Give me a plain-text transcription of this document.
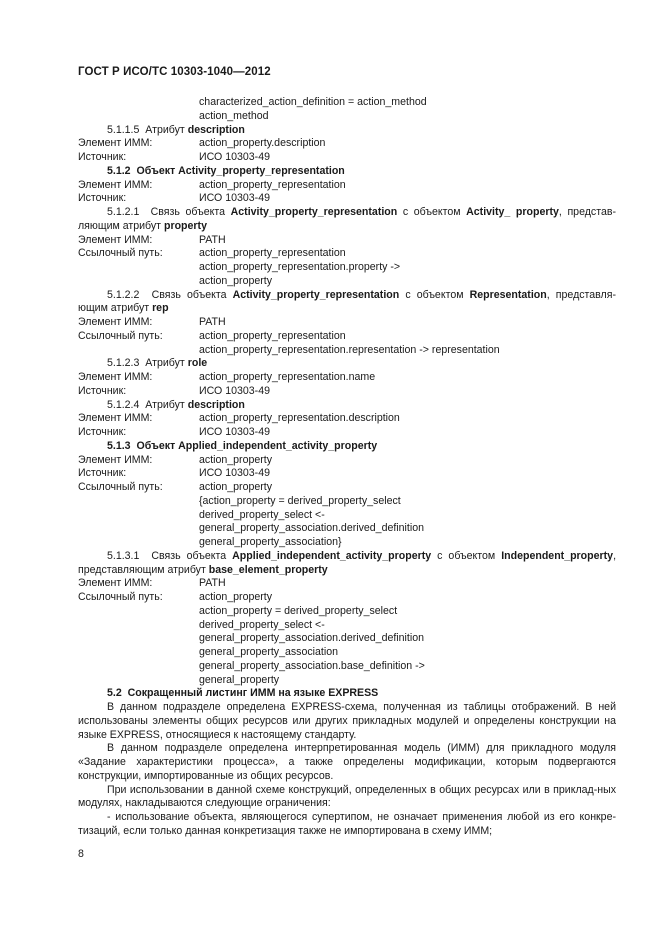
ГОСТ Р ИСО/ТС 10303-1040—2012
characterized_action_definition = action_method
action_method
5.1.1.5 Атрибут description
Элемент ИММ:	action_property.description
Источник:	ИСО 10303-49
5.1.2 Объект Activity_property_representation
Элемент ИММ:	action_property_representation
Источник:	ИСО 10303-49

5.1.2.1 Связь объекта Activity_property_representation с объектом Activity_ property, представ- ляющим атрибут property

Элемент ИММ:	PATH
Ссылочный путь:	action_property_representation
action_property_representation.property ->
action_property

5.1.2.2 Связь объекта Activity_property_representation с объектом Representation, представля- ющим атрибут rep

Элемент ИММ:	PATH
Ссылочный путь:	action_property_representation
action_property_representation.representation -> representation
5.1.2.3 Атрибут role
Элемент ИММ:	action_property_representation.name
Источник:	ИСО 10303-49
5.1.2.4 Атрибут description
Элемент ИММ:	action_property_representation.description
Источник:	ИСО 10303-49
5.1.3 Объект Applied_independent_activity_property
Элемент ИММ:	action_property
Источник:	ИСО 10303-49
Ссылочный путь:	action_property
{action_property = derived_property_select
derived_property_select <-
general_property_association.derived_definition
general_property_association}

5.1.3.1 Связь объекта Applied_independent_activity_property с объектом Independent_property, представляющим атрибут base_element_property

Элемент ИММ:	PATH
Ссылочный путь:	action_property
action_property = derived_property_select
derived_property_select <-
general_property_association.derived_definition
general_property_association
general_property_association.base_definition ->
general_property
5.2 Сокращенный листинг ИММ на языке EXPRESS

В данном подразделе определена EXPRESS-схема, полученная из таблицы отображений. В ней использованы элементы общих ресурсов или других прикладных модулей и определены конструкции на языке EXPRESS, относящиеся к настоящему стандарту.

В данном подразделе определена интерпретированная модель (ИММ) для прикладного модуля «Задание характеристики процесса», а также определены модификации, которым подвергаются конструкции, импортированные из общих ресурсов.

При использовании в данной схеме конструкций, определенных в общих ресурсах или в приклад-ных модулях, накладываются следующие ограничения:

- использование объекта, являющегося супертипом, не означает применения любой из его конкре-тизаций, если только данная конкретизация также не импортирована в схему ИММ;

8
